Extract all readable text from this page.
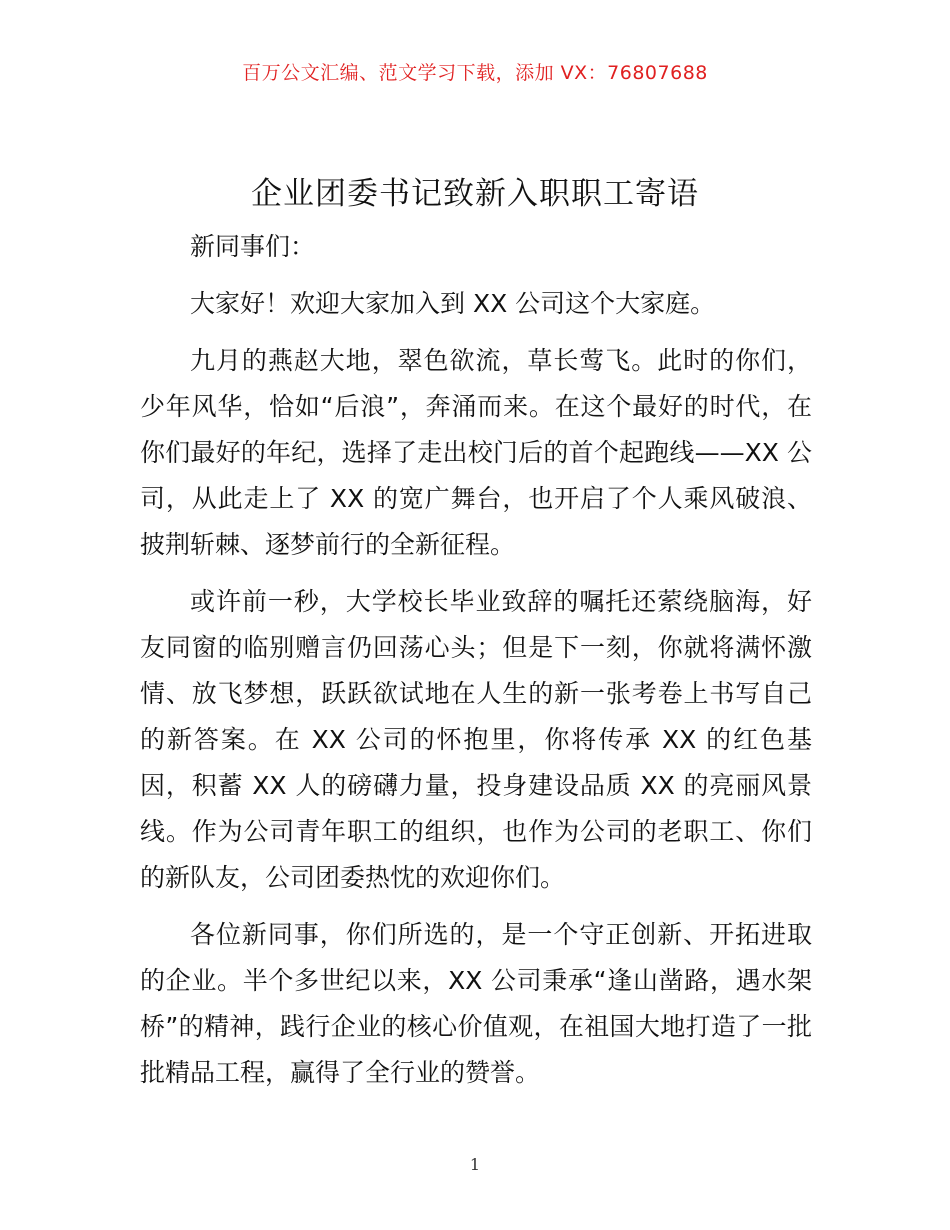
百万公文汇编、范文学习下载，添加 VX：76807688
企业团委书记致新入职职工寄语

新同事们：

大家好！欢迎大家加入到 XX 公司这个大家庭。

九月的燕赵大地，翠色欲流，草长莺飞。此时的你们，少年风华，恰如“后浪”，奔涌而来。在这个最好的时代，在你们最好的年纪，选择了走出校门后的首个起跑线——XX 公司，从此走上了 XX 的宽广舞台，也开启了个人乘风破浪、披荆斩棘、逐梦前行的全新征程。

或许前一秒，大学校长毕业致辞的嘱托还萦绕脑海，好友同窗的临别赠言仍回荡心头；但是下一刻，你就将满怀激情、放飞梦想，跃跃欲试地在人生的新一张考卷上书写自己的新答案。在 XX 公司的怀抱里，你将传承 XX 的红色基因，积蓄 XX 人的磅礴力量，投身建设品质 XX 的亮丽风景线。作为公司青年职工的组织，也作为公司的老职工、你们的新队友，公司团委热忱的欢迎你们。

各位新同事，你们所选的，是一个守正创新、开拓进取的企业。半个多世纪以来，XX 公司秉承“逢山凿路，遇水架桥”的精神，践行企业的核心价值观，在祖国大地打造了一批批精品工程，赢得了全行业的赞誉。

1
